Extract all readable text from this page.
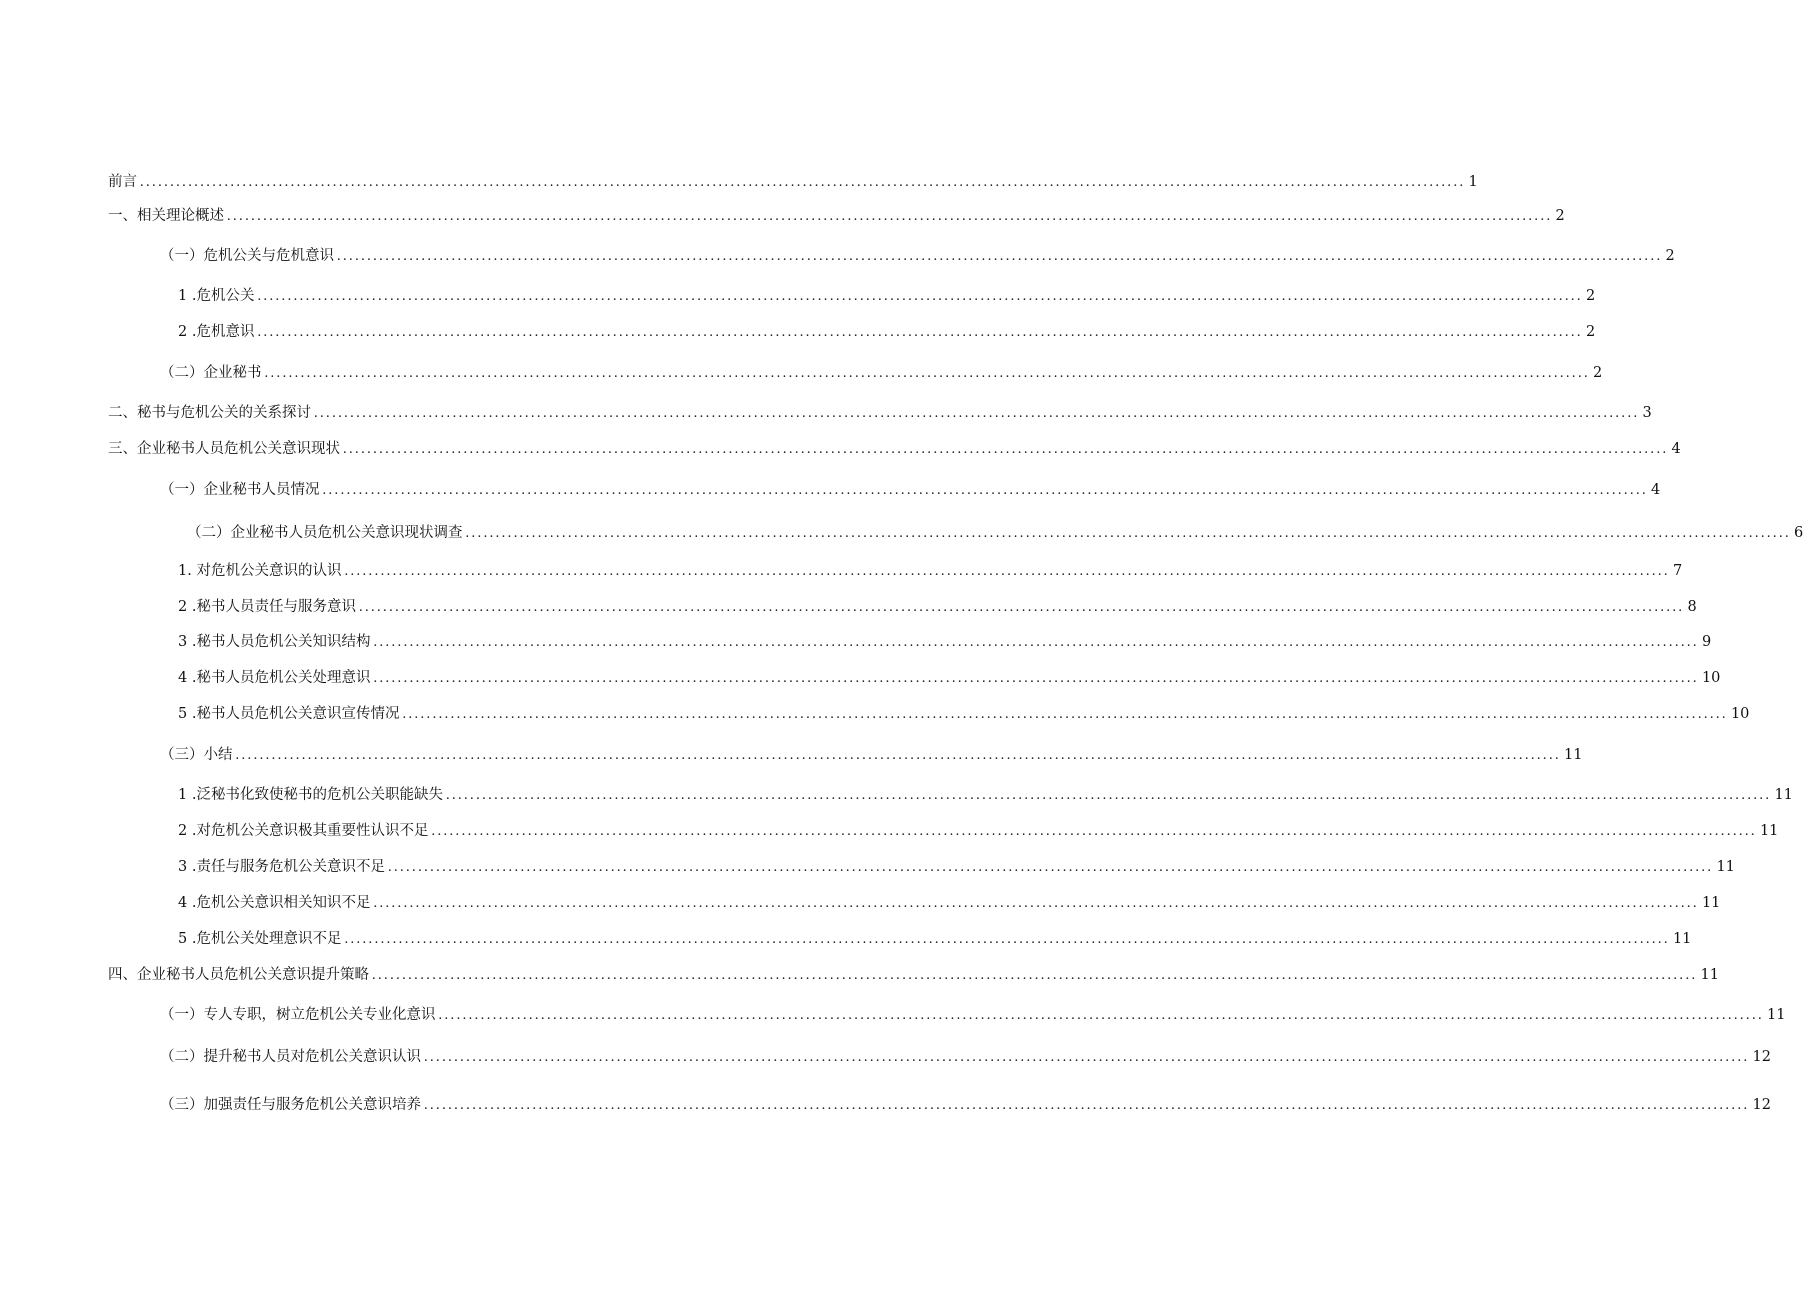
前言 ............................................................................................................................................................................................................................ 1
一、相关理论概述 ............................................................................................................................................................................................................................ 2
（一）危机公关与危机意识 ............................................................................................................................................................................................................................ 2
1 .危机公关 ............................................................................................................................................................................................................................ 2
2 .危机意识 ............................................................................................................................................................................................................................ 2
（二）企业秘书 ............................................................................................................................................................................................................................ 2
二、秘书与危机公关的关系探讨 ............................................................................................................................................................................................................................ 3
三、企业秘书人员危机公关意识现状 ............................................................................................................................................................................................................................ 4
（一）企业秘书人员情况 ............................................................................................................................................................................................................................ 4
（二）企业秘书人员危机公关意识现状调查 ............................................................................................................................................................................................................................ 6
1. 对危机公关意识的认识 ............................................................................................................................................................................................................................ 7
2 .秘书人员责任与服务意识 ............................................................................................................................................................................................................................ 8
3 .秘书人员危机公关知识结构 ............................................................................................................................................................................................................................ 9
4 .秘书人员危机公关处理意识 ............................................................................................................................................................................................................................ 10
5 .秘书人员危机公关意识宣传情况 ............................................................................................................................................................................................................................ 10
（三）小结 ............................................................................................................................................................................................................................ 11
1 .泛秘书化致使秘书的危机公关职能缺失 ............................................................................................................................................................................................................................ 11
2 .对危机公关意识极其重要性认识不足 ............................................................................................................................................................................................................................ 11
3 .责任与服务危机公关意识不足 ............................................................................................................................................................................................................................ 11
4 .危机公关意识相关知识不足 ............................................................................................................................................................................................................................ 11
5 .危机公关处理意识不足 ............................................................................................................................................................................................................................ 11
四、企业秘书人员危机公关意识提升策略 ............................................................................................................................................................................................................................ 11
（一）专人专职，树立危机公关专业化意识 ............................................................................................................................................................................................................................ 11
（二）提升秘书人员对危机公关意识认识 ............................................................................................................................................................................................................................ 12
（三）加强责任与服务危机公关意识培养 ............................................................................................................................................................................................................................ 12
